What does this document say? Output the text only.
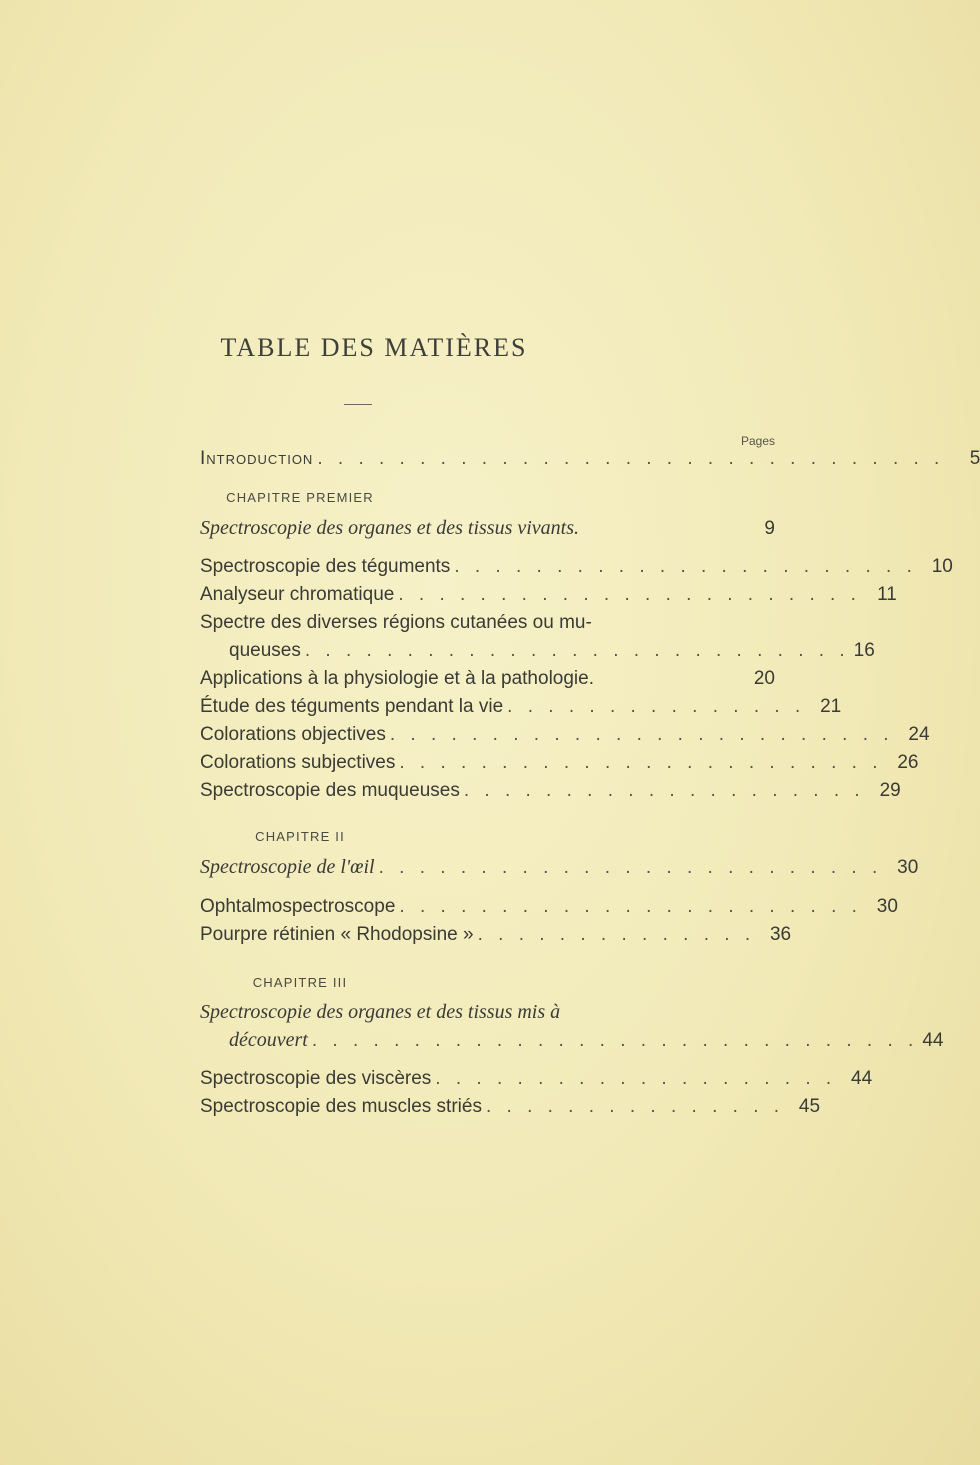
TABLE DES MATIÈRES
Pages
Introduction . . . . . . . . . . . . . . . . . . . . . . . . . . . . . . .	5
CHAPITRE PREMIER
Spectroscopie des organes et des tissus vivants.	9
Spectroscopie des téguments . . . . . . . . . . . . . . . . . . . . . . . 10
Analyseur chromatique . . . . . . . . . . . . . . . . . . . . . . . 11
Spectre des diverses régions cutanées ou mu-
queuses . . . . . . . . . . . . . . . . . . . . . . . . . . . 16
Applications à la physiologie et à la pathologie.	20
Étude des téguments pendant la vie . . . . . . . . . . . . . . . 21
Colorations objectives . . . . . . . . . . . . . . . . . . . . . . . . . 24
Colorations subjectives . . . . . . . . . . . . . . . . . . . . . . . . 26
Spectroscopie des muqueuses . . . . . . . . . . . . . . . . . . . . 29
CHAPITRE II
Spectroscopie de l'œil . . . . . . . . . . . . . . . . . . . . . . . . . 30
Ophtalmospectroscope . . . . . . . . . . . . . . . . . . . . . . . 30
Pourpre rétinien « Rhodopsine » . . . . . . . . . . . . . . 36
CHAPITRE III
Spectroscopie des organes et des tissus mis à
découvert . . . . . . . . . . . . . . . . . . . . . . . . . . . . . . 44
Spectroscopie des viscères . . . . . . . . . . . . . . . . . . . . 44
Spectroscopie des muscles striés . . . . . . . . . . . . . . . 45
